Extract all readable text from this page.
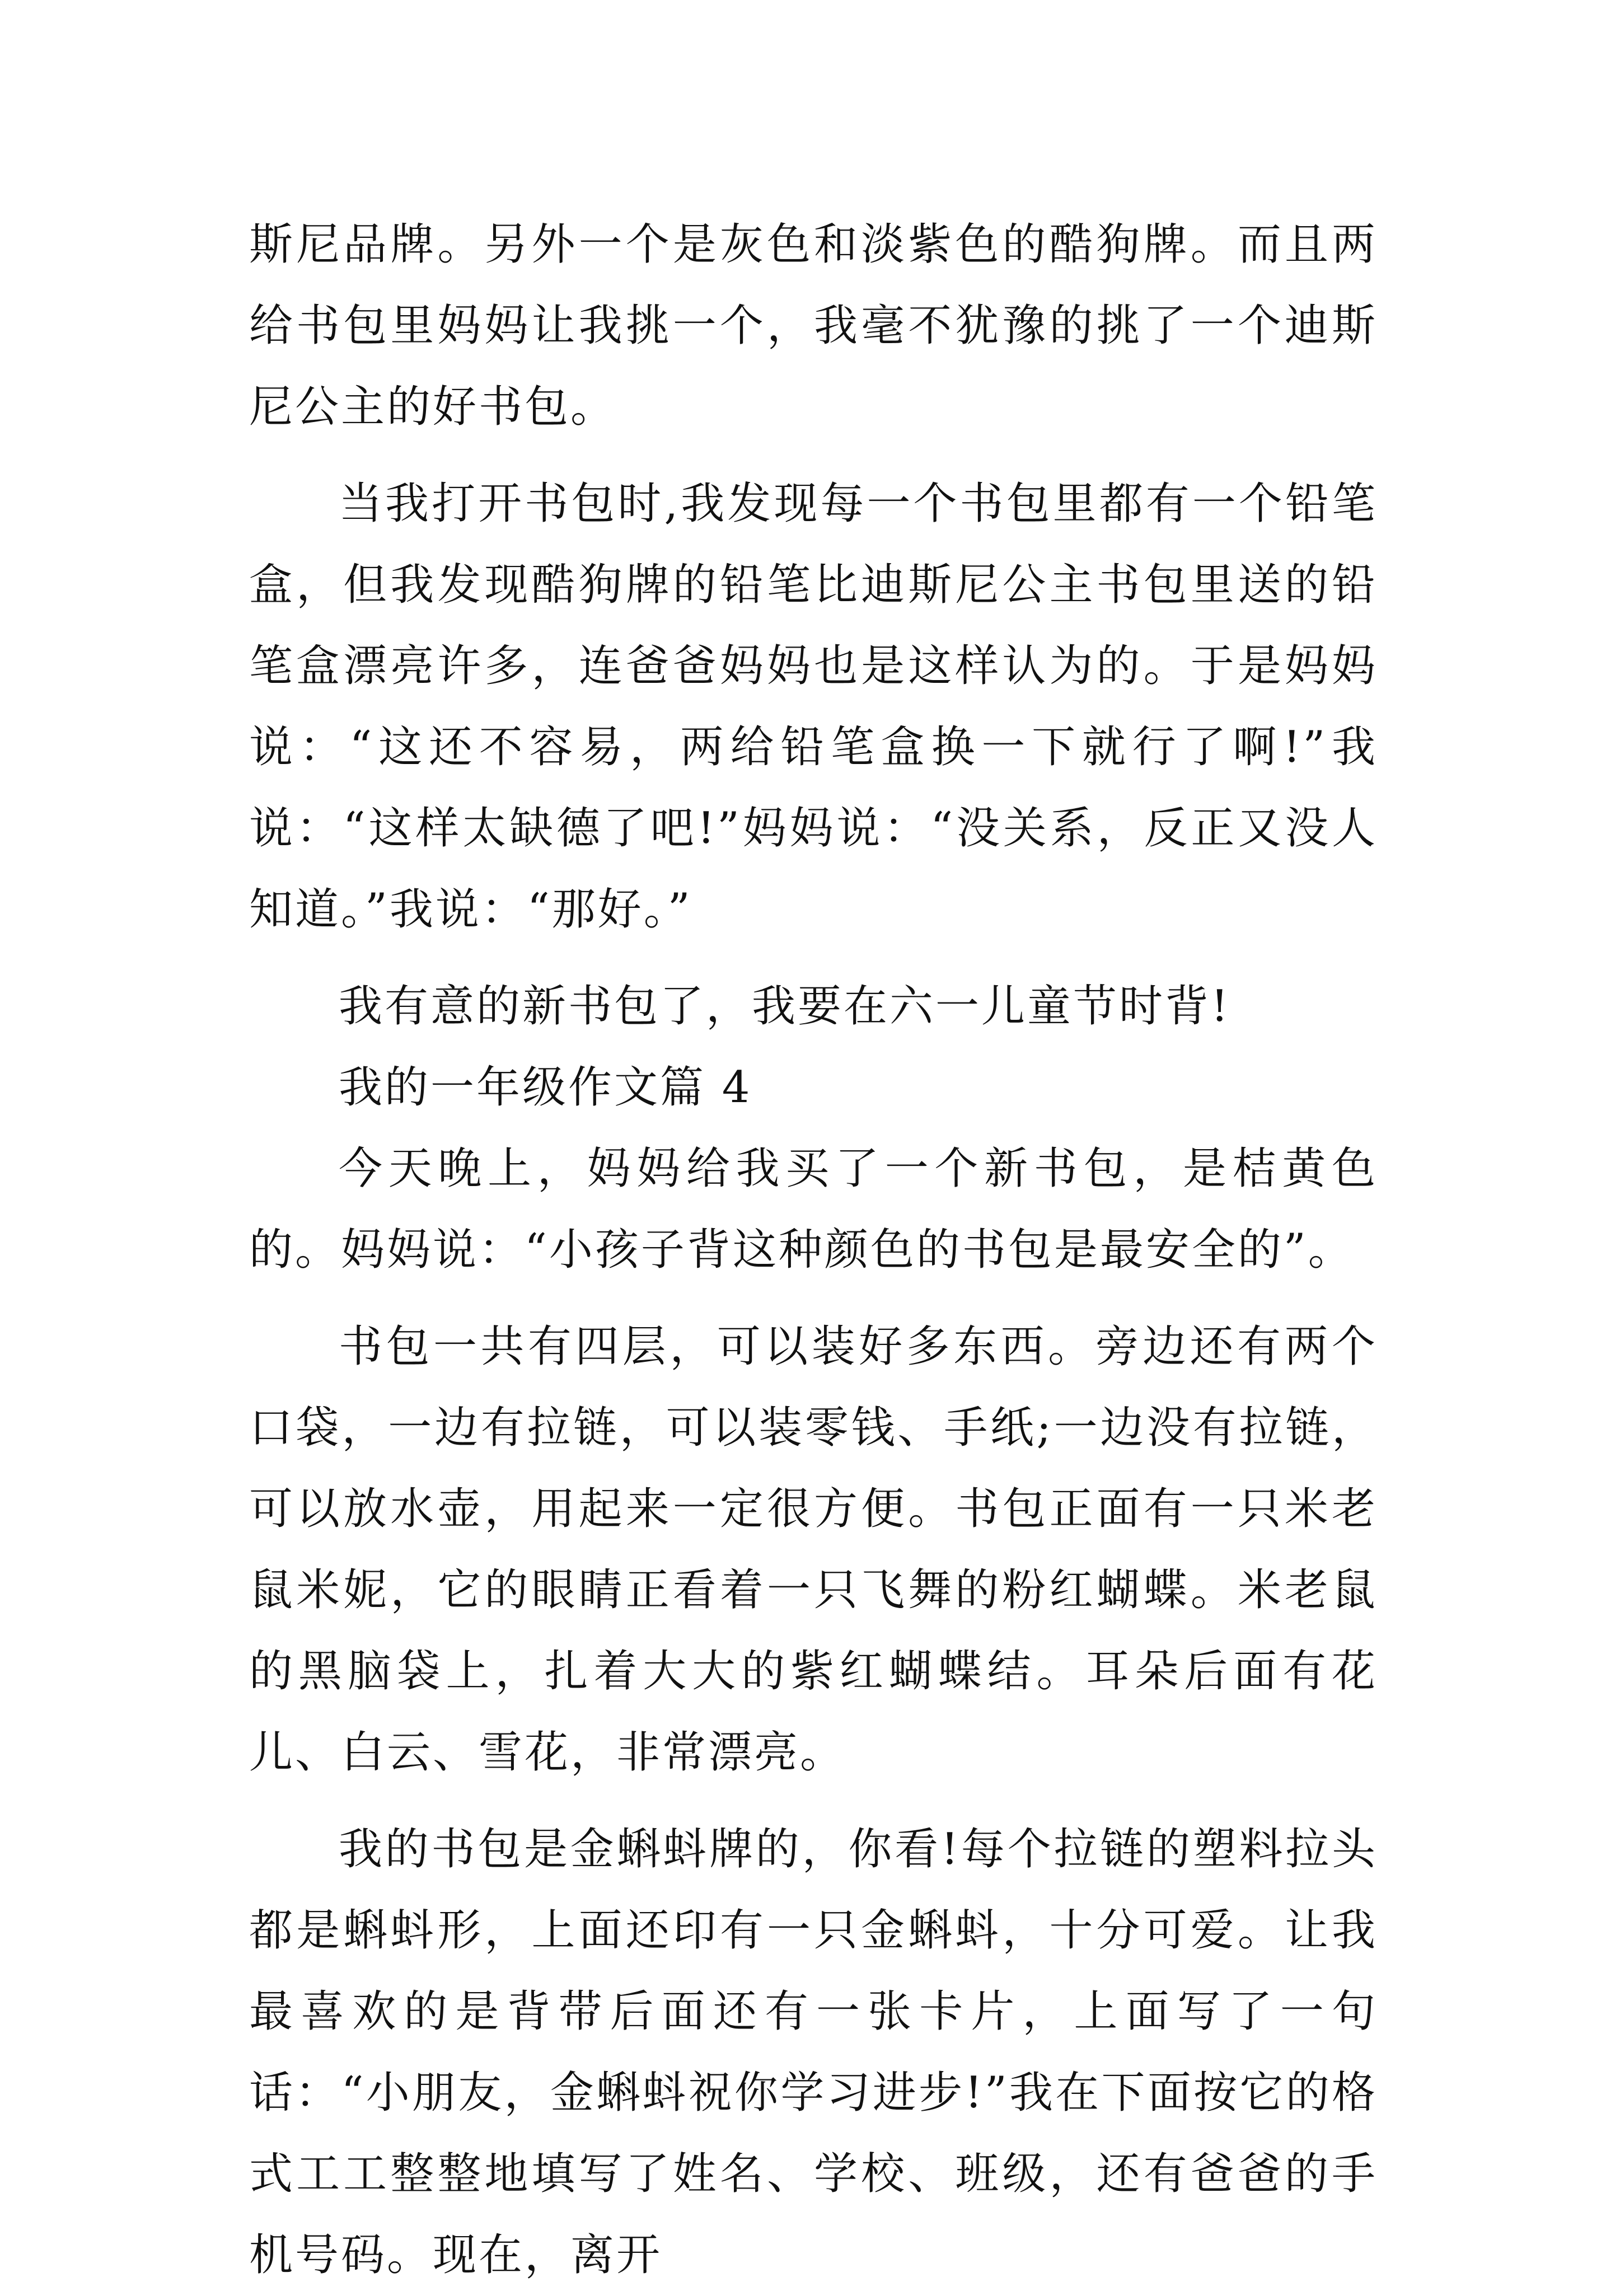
斯尼品牌。另外一个是灰色和淡紫色的酷狗牌。而且两给书包里妈妈让我挑一个，我毫不犹豫的挑了一个迪斯尼公主的好书包。

当我打开书包时,我发现每一个书包里都有一个铅笔盒，但我发现酷狗牌的铅笔比迪斯尼公主书包里送的铅笔盒漂亮许多，连爸爸妈妈也是这样认为的。于是妈妈说：“这还不容易，两给铅笔盒换一下就行了啊!”我说：“这样太缺德了吧!”妈妈说：“没关系，反正又没人知道。”我说：“那好。”

我有意的新书包了，我要在六一儿童节时背!

我的一年级作文篇 4

今天晚上，妈妈给我买了一个新书包，是桔黄色的。妈妈说：“小孩子背这种颜色的书包是最安全的”。

书包一共有四层，可以装好多东西。旁边还有两个口袋，一边有拉链，可以装零钱、手纸;一边没有拉链，可以放水壶，用起来一定很方便。书包正面有一只米老鼠米妮，它的眼睛正看着一只飞舞的粉红蝴蝶。米老鼠的黑脑袋上，扎着大大的紫红蝴蝶结。耳朵后面有花儿、白云、雪花，非常漂亮。

我的书包是金蝌蚪牌的，你看!每个拉链的塑料拉头都是蝌蚪形，上面还印有一只金蝌蚪，十分可爱。让我最喜欢的是背带后面还有一张卡片，上面写了一句话：“小朋友，金蝌蚪祝你学习进步!”我在下面按它的格式工工整整地填写了姓名、学校、班级，还有爸爸的手机号码。现在，离开
